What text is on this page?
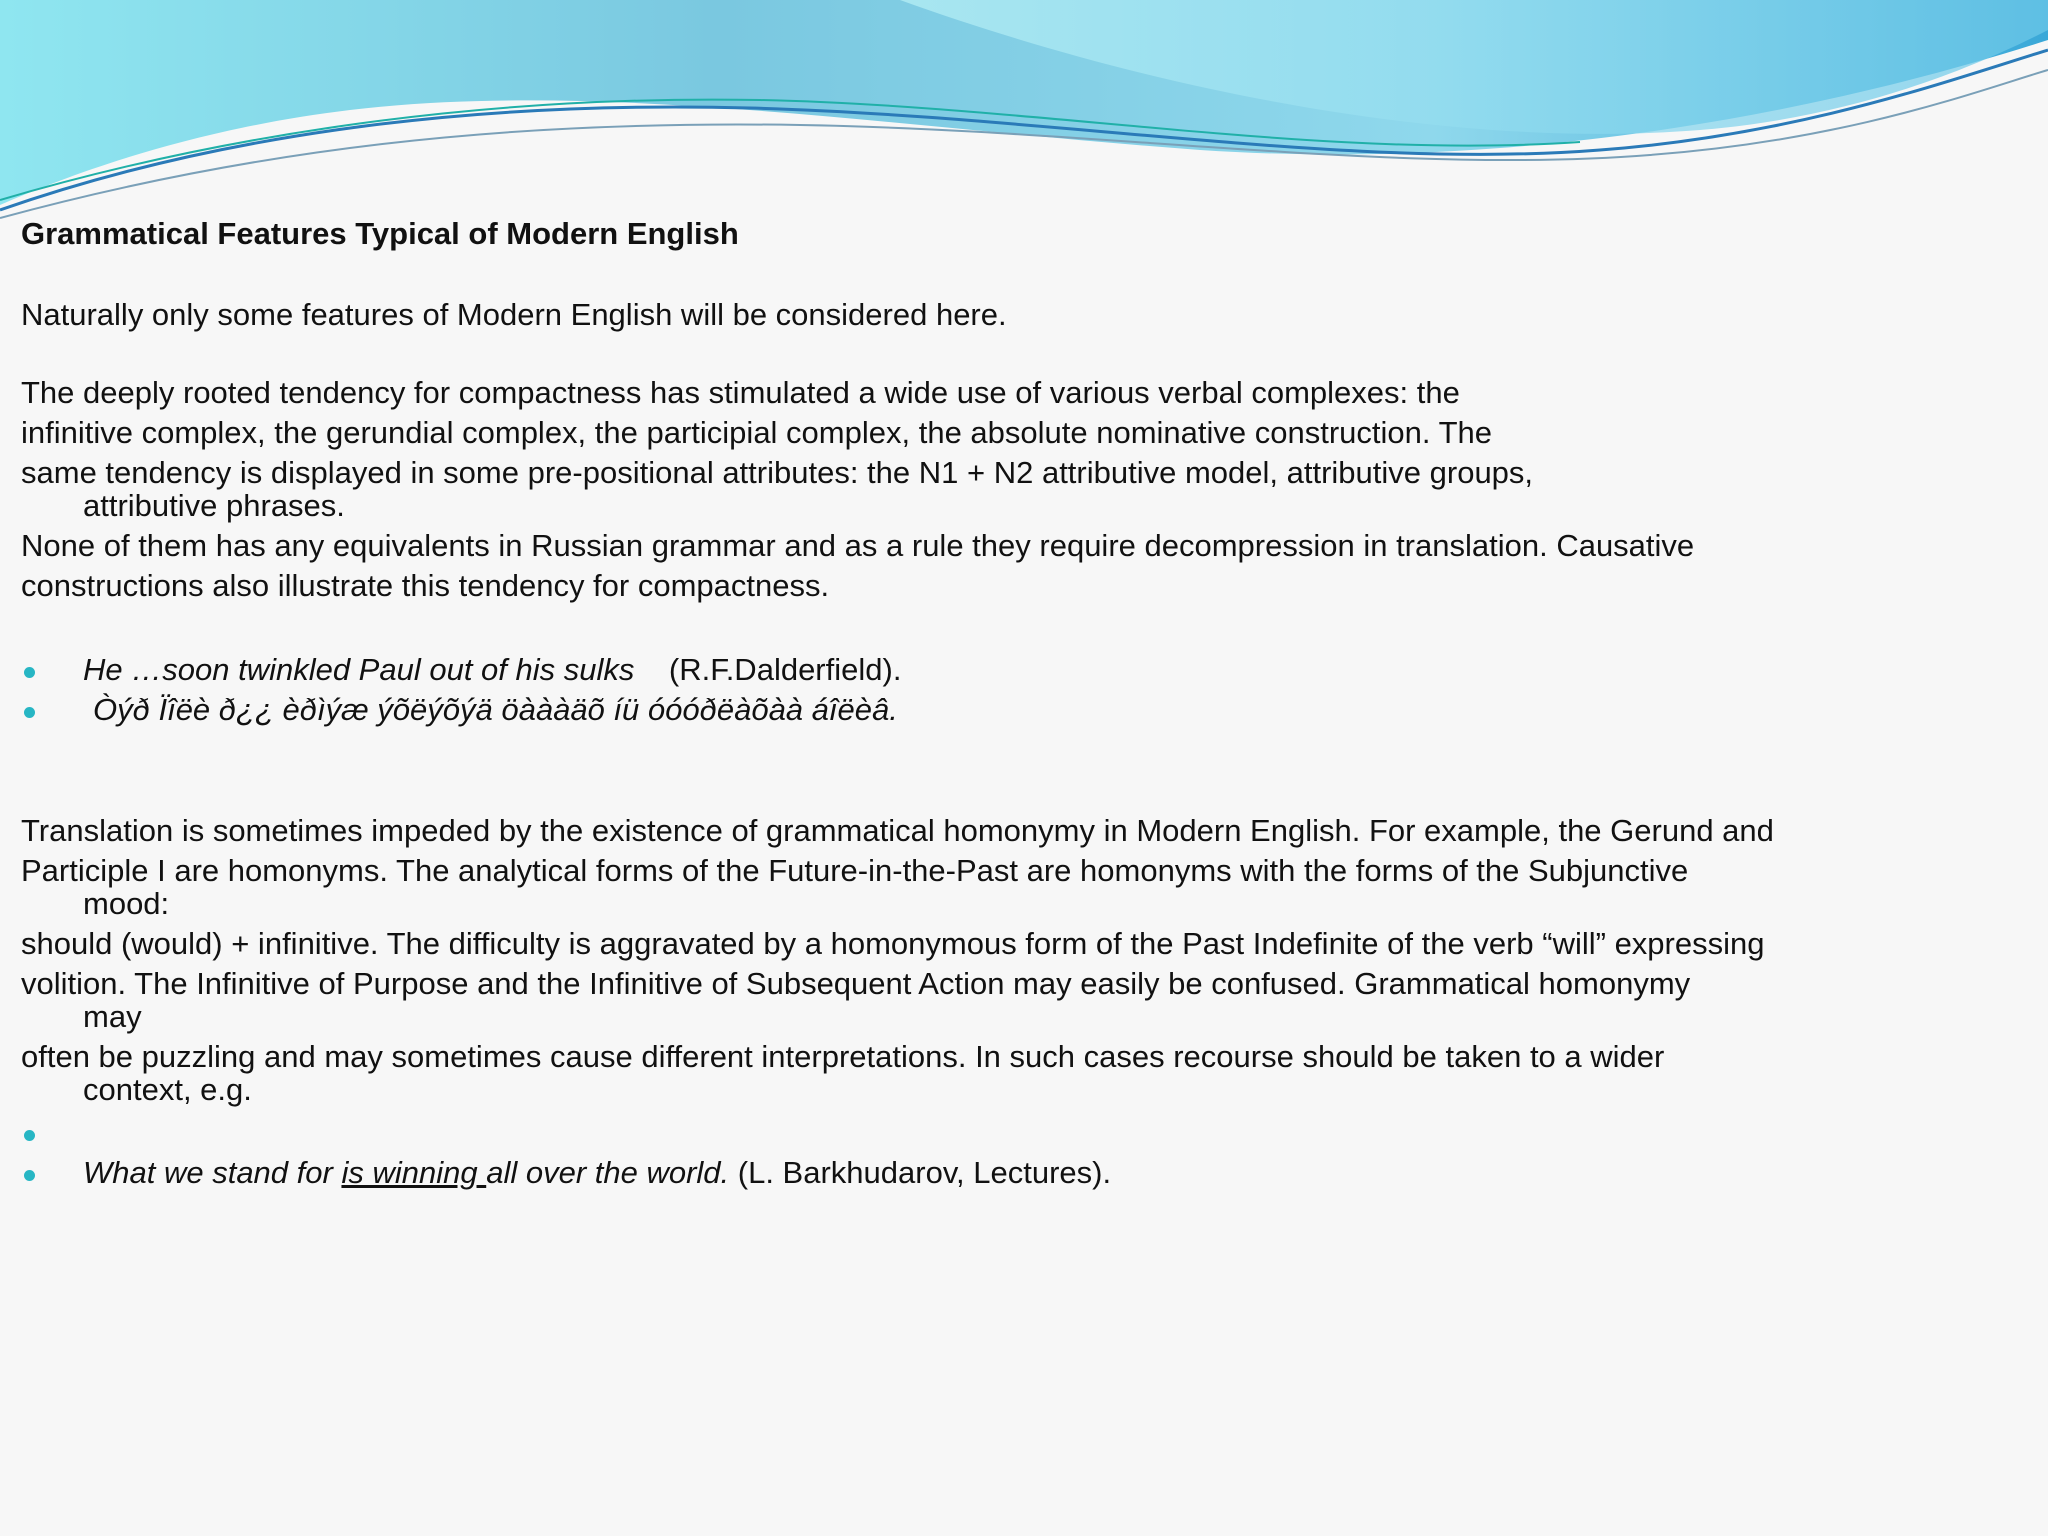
Grammatical Features Typical of Modern English
Naturally only some features of Modern English will be considered here.
The deeply rooted tendency for compactness has stimulated a wide use of various verbal complexes: the
infinitive complex, the gerundial complex, the participial complex, the absolute nominative construction. The
same tendency is displayed in some pre-positional attributes: the N1 + N2 attributive model, attributive groups, attributive phrases.
None of them has any equivalents in Russian grammar and as a rule they require decompression in translation. Causative
constructions also illustrate this tendency for compactness.
He …soon twinkled Paul out of his sulks (R.F.Dalderfield).
Òýð Ïîëè ð¿¿ èðìýæ ýõëýõýä öàààäõ íü óóóðëàõàà áîëèâ.
Translation is sometimes impeded by the existence of grammatical homonymy in Modern English. For example, the Gerund and
Participle I are homonyms. The analytical forms of the Future-in-the-Past are homonyms with the forms of the Subjunctive mood:
should (would) + infinitive. The difficulty is aggravated by a homonymous form of the Past Indefinite of the verb “will” expressing
volition. The Infinitive of Purpose and the Infinitive of Subsequent Action may easily be confused. Grammatical homonymy may
often be puzzling and may sometimes cause different interpretations. In such cases recourse should be taken to a wider context, e.g.
What we stand for is winning all over the world. (L. Barkhudarov, Lectures).
